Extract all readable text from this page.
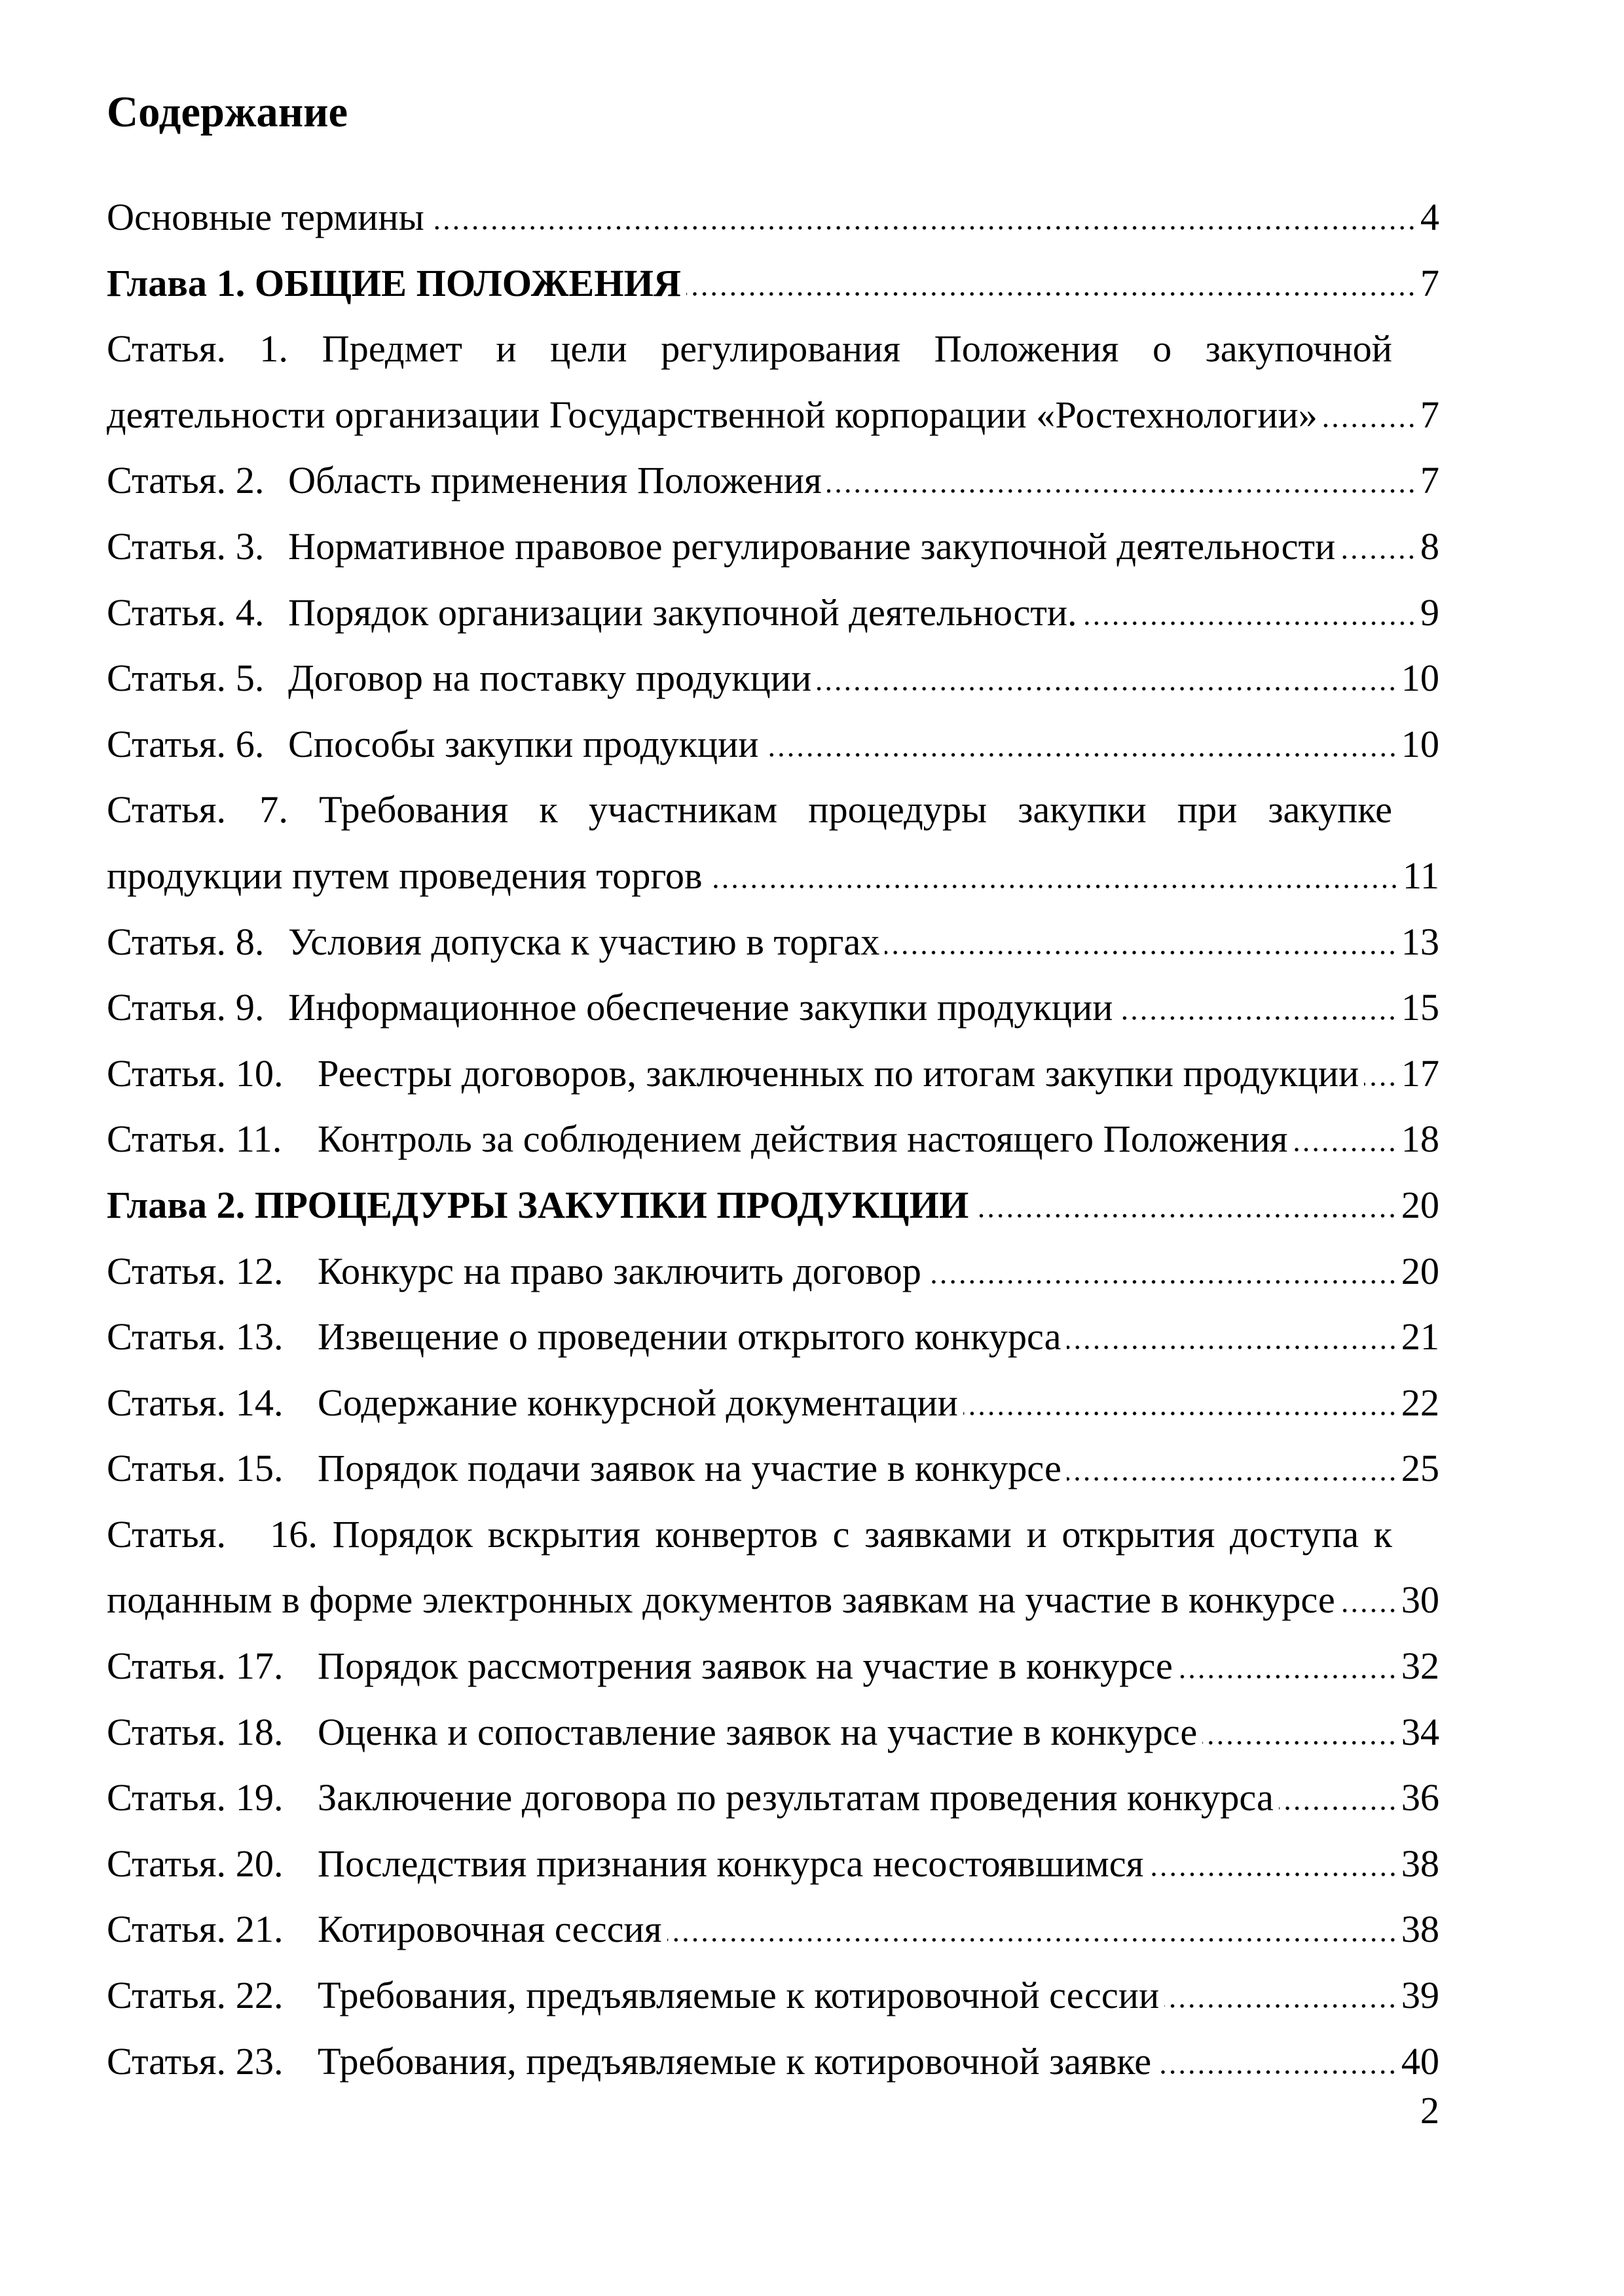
Содержание
Основные термины	4
Глава 1. ОБЩИЕ ПОЛОЖЕНИЯ	7
Статья. 1. Предмет и цели регулирования Положения о закупочной
деятельности организации Государственной корпорации «Ростехнологии»	7
Статья. 2. Область применения Положения	7
Статья. 3. Нормативное правовое регулирование закупочной деятельности 8
Статья. 4. Порядок организации закупочной деятельности.	9
Статья. 5. Договор на поставку продукции	10
Статья. 6. Способы закупки продукции	10
Статья. 7. Требования к участникам процедуры закупки при закупке
продукции путем проведения торгов	11
Статья. 8. Условия допуска к участию в торгах	13
Статья. 9. Информационное обеспечение закупки продукции	15
Статья. 10. Реестры договоров, заключенных по итогам закупки продукции 17
Статья. 11. Контроль за соблюдением действия настоящего Положения	18
Глава 2. ПРОЦЕДУРЫ ЗАКУПКИ ПРОДУКЦИИ	20
Статья. 12. Конкурс на право заключить договор	20
Статья. 13. Извещение о проведении открытого конкурса	21
Статья. 14. Содержание конкурсной документации	22
Статья. 15. Порядок подачи заявок на участие в конкурсе	25
Статья. 16. Порядок вскрытия конвертов с заявками и открытия доступа к
поданным в форме электронных документов заявкам на участие в конкурсе 30
Статья. 17. Порядок рассмотрения заявок на участие в конкурсе	32
Статья. 18. Оценка и сопоставление заявок на участие в конкурсе	34
Статья. 19. Заключение договора по результатам проведения конкурса	36
Статья. 20. Последствия признания конкурса несостоявшимся	38
Статья. 21. Котировочная сессия	38
Статья. 22. Требования, предъявляемые к котировочной сессии	39
Статья. 23. Требования, предъявляемые к котировочной заявке	40
2
